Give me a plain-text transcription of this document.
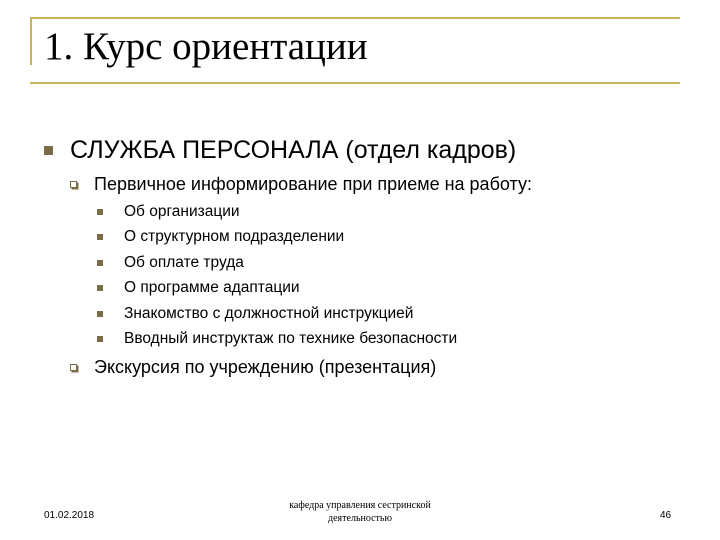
1. Курс ориентации
СЛУЖБА ПЕРСОНАЛА (отдел кадров)
Первичное информирование при приеме на работу:
Об организации
О структурном подразделении
Об оплате труда
О программе адаптации
Знакомство с должностной инструкцией
Вводный инструктаж по технике безопасности
Экскурсия по учреждению (презентация)
01.02.2018
кафедра управления сестринской
деятельностью	46
